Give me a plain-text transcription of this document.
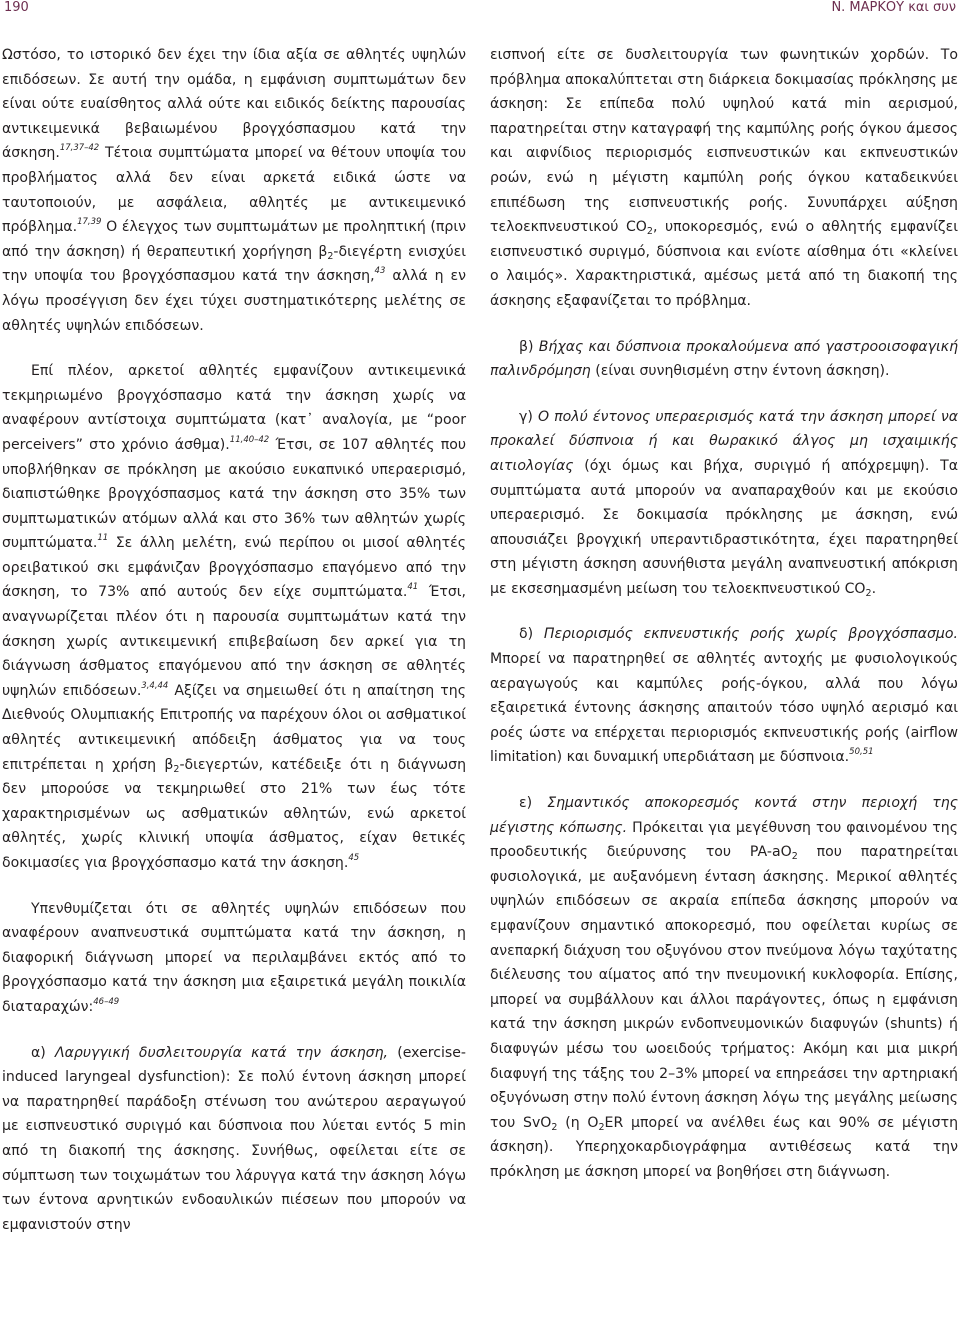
190	Ν. ΜΑΡΚΟΥ και συν

Ωστόσο, το ιστορικό δεν έχει την ίδια αξία σε αθλητές υψηλών επιδόσεων. Σε αυτή την ομάδα, η εμφάνιση συμπτωμάτων δεν είναι ούτε ευαίσθητος αλλά ούτε και ειδικός δείκτης παρουσίας αντικειμενικά βεβαιωμένου βρογχόσπασμου κατά την άσκηση.$^{17,37-42}$ Τέτοια συμπτώματα μπορεί να θέτουν υποψία του προβλήματος αλλά δεν είναι αρκετά ειδικά ώστε να ταυτοποιούν, με ασφάλεια, αθλητές με αντικειμενικό πρόβλημα.$^{17,39}$ Ο έλεγχος των συμπτωμάτων με προληπτική (πριν από την άσκηση) ή θεραπευτική χορήγηση $\beta_2$-διεγέρτη ενισχύει την υποψία του βρογχόσπασμου κατά την άσκηση,$^{43}$ αλλά η εν λόγω προσέγγιση δεν έχει τύχει συστηματικότερης μελέτης σε αθλητές υψηλών επιδόσεων.

Επί πλέον, αρκετοί αθλητές εμφανίζουν αντικειμενικά τεκμηριωμένο βρογχόσπασμο κατά την άσκηση χωρίς να αναφέρουν αντίστοιχα συμπτώματα (κατ᾽ αναλογία, με “poor perceivers” στο χρόνιο άσθμα).$^{11,40-42}$ Έτσι, σε 107 αθλητές που υποβλήθηκαν σε πρόκληση με ακούσιο ευκαπνικό υπεραερισμό, διαπιστώθηκε βρογχόσπασμος κατά την άσκηση στο 35% των συμπτωματικών ατόμων αλλά και στο 36% των αθλητών χωρίς συμπτώματα.$^{11}$ Σε άλλη μελέτη, ενώ περίπου οι μισοί αθλητές ορειβατικού σκι εμφάνιζαν βρογχόσπασμο επαγόμενο από την άσκηση, το 73% από αυτούς δεν είχε συμπτώματα.$^{41}$ Έτσι, αναγνωρίζεται πλέον ότι η παρουσία συμπτωμάτων κατά την άσκηση χωρίς αντικειμενική επιβεβαίωση δεν αρκεί για τη διάγνωση άσθματος επαγόμενου από την άσκηση σε αθλητές υψηλών επιδόσεων.$^{3,4,44}$ Αξίζει να σημειωθεί ότι η απαίτηση της Διεθνούς Ολυμπιακής Επιτροπής να παρέχουν όλοι οι ασθματικοί αθλητές αντικειμενική απόδειξη άσθματος για να τους επιτρέπεται η χρήση $\beta_2$-διεγερτών, κατέδειξε ότι η διάγνωση δεν μπορούσε να τεκμηριωθεί στο 21% των έως τότε χαρακτηρισμένων ως ασθματικών αθλητών, ενώ αρκετοί αθλητές, χωρίς κλινική υποψία άσθματος, είχαν θετικές δοκιμασίες για βρογχόσπασμο κατά την άσκηση.$^{45}$

Υπενθυμίζεται ότι σε αθλητές υψηλών επιδόσεων που αναφέρουν αναπνευστικά συμπτώματα κατά την άσκηση, η διαφορική διάγνωση μπορεί να περιλαμβάνει εκτός από το βρογχόσπασμο κατά την άσκηση μια εξαιρετικά μεγάλη ποικιλία διαταραχών:$^{46-49}$

α) Λαρυγγική δυσλειτουργία κατά την άσκηση, (exercise-induced laryngeal dysfunction): Σε πολύ έντονη άσκηση μπορεί να παρατηρηθεί παράδοξη στένωση του ανώτερου αεραγωγού με εισπνευστικό συριγμό και δύσπνοια που λύεται εντός 5 min από τη διακοπή της άσκησης. Συνήθως, οφείλεται είτε σε σύμπτωση των τοιχωμάτων του λάρυγγα κατά την άσκηση λόγω των έντονα αρνητικών ενδοαυλικών πιέσεων που μπορούν να εμφανιστούν στην

εισπνοή είτε σε δυσλειτουργία των φωνητικών χορδών. Το πρόβλημα αποκαλύπτεται στη διάρκεια δοκιμασίας πρόκλησης με άσκηση: Σε επίπεδα πολύ υψηλού κατά min αερισμού, παρατηρείται στην καταγραφή της καμπύλης ροής όγκου άμεσος και αιφνίδιος περιορισμός εισπνευστικών και εκπνευστικών ροών, ενώ η μέγιστη καμπύλη ροής όγκου καταδεικνύει επιπέδωση της εισπνευστικής ροής. Συνυπάρχει αύξηση τελοεκπνευστικού $CO_2$, υποκορεσμός, ενώ ο αθλητής εμφανίζει εισπνευστικό συριγμό, δύσπνοια και ενίοτε αίσθημα ότι «κλείνει ο λαιμός». Χαρακτηριστικά, αμέσως μετά από τη διακοπή της άσκησης εξαφανίζεται το πρόβλημα.

β) Βήχας και δύσπνοια προκαλούμενα από γαστροοισοφαγική παλινδρόμηση (είναι συνηθισμένη στην έντονη άσκηση).

γ) Ο πολύ έντονος υπεραερισμός κατά την άσκηση μπορεί να προκαλεί δύσπνοια ή και θωρακικό άλγος μη ισχαιμικής αιτιολογίας (όχι όμως και βήχα, συριγμό ή απόχρεμψη). Τα συμπτώματα αυτά μπορούν να αναπαραχθούν και με εκούσιο υπεραερισμό. Σε δοκιμασία πρόκλησης με άσκηση, ενώ απουσιάζει βρογχική υπεραντιδραστικότητα, έχει παρατηρηθεί στη μέγιστη άσκηση ασυνήθιστα μεγάλη αναπνευστική απόκριση με εκσεσημασμένη μείωση του τελοεκπνευστικού $CO_2$.

δ) Περιορισμός εκπνευστικής ροής χωρίς βρογχόσπασμο. Μπορεί να παρατηρηθεί σε αθλητές αντοχής με φυσιολογικούς αεραγωγούς και καμπύλες ροής-όγκου, αλλά που λόγω εξαιρετικά έντονης άσκησης απαιτούν τόσο υψηλό αερισμό και ροές ώστε να επέρχεται περιορισμός εκπνευστικής ροής (airflow limitation) και δυναμική υπερδιάταση με δύσπνοια.$^{50,51}$

ε) Σημαντικός αποκορεσμός κοντά στην περιοχή της μέγιστης κόπωσης. Πρόκειται για μεγέθυνση του φαινομένου της προοδευτικής διεύρυνσης του $PA-aO_2$ που παρατηρείται φυσιολογικά, με αυξανόμενη ένταση άσκησης. Μερικοί αθλητές υψηλών επιδόσεων σε ακραία επίπεδα άσκησης μπορούν να εμφανίζουν σημαντικό αποκορεσμό, που οφείλεται κυρίως σε ανεπαρκή διάχυση του οξυγόνου στον πνεύμονα λόγω ταχύτατης διέλευσης του αίματος από την πνευμονική κυκλοφορία. Επίσης, μπορεί να συμβάλλουν και άλλοι παράγοντες, όπως η εμφάνιση κατά την άσκηση μικρών ενδοπνευμονικών διαφυγών (shunts) ή διαφυγών μέσω του ωοειδούς τρήματος: Ακόμη και μια μικρή διαφυγή της τάξης του 2–3% μπορεί να επηρεάσει την αρτηριακή οξυγόνωση στην πολύ έντονη άσκηση λόγω της μεγάλης μείωσης του SvO$_2$ (η $O_2ER$ μπορεί να ανέλθει έως και 90% σε μέγιστη άσκηση). Υπερηχοκαρδιογράφημα αντιθέσεως κατά την πρόκληση με άσκηση μπορεί να βοηθήσει στη διάγνωση.
